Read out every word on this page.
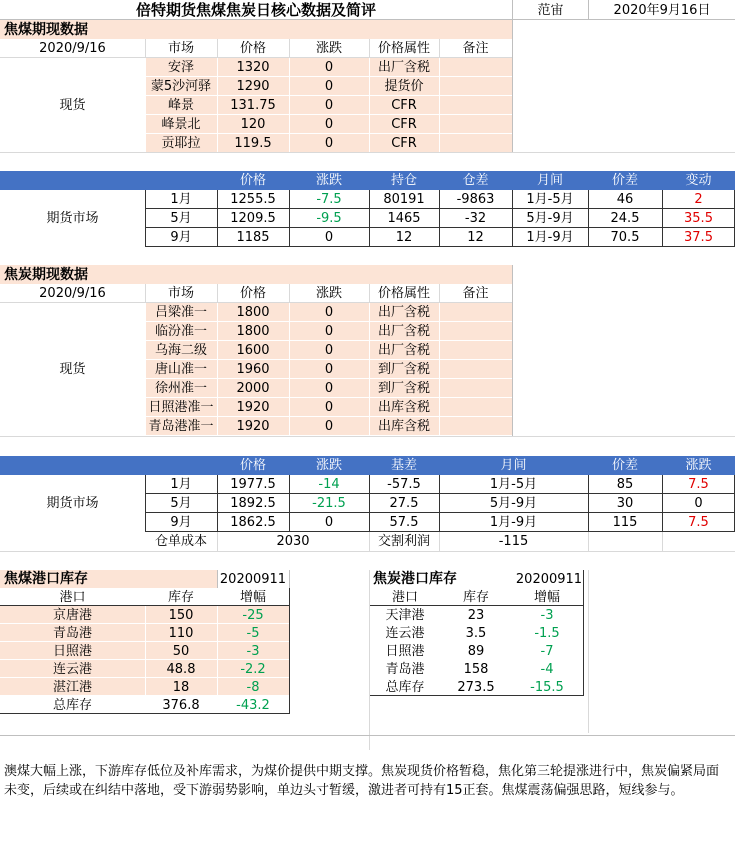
倍特期货焦煤焦炭日核心数据及简评	范宙	2020年9月16日
焦煤期现数据
2020/9/16	市场	价格	涨跌	价格属性	备注
安泽	1320	0	出厂含税
蒙5沙河驿	1290	0	提货价
峰景	131.75	0	CFR
峰景北	120	0	CFR
贡耶拉	119.5	0	CFR
现货
价格	涨跌	持仓	仓差	月间	价差	变动
1月	1255.5	-7.5	80191	-9863	1月-5月	46	2
5月	1209.5	-9.5	1465	-32	5月-9月	24.5	35.5
9月	1185	0	12	12	1月-9月	70.5	37.5
期货市场
焦炭期现数据
2020/9/16	市场	价格	涨跌	价格属性	备注
吕梁准一	1800	0	出厂含税
临汾准一	1800	0	出厂含税
乌海二级	1600	0	出厂含税
唐山准一	1960	0	到厂含税
徐州准一	2000	0	到厂含税
日照港准一	1920	0	出库含税
青岛港准一	1920	0	出库含税
现货
价格	涨跌	基差	月间	价差	涨跌
1月	1977.5	-14	-57.5	1月-5月	85	7.5
5月	1892.5	-21.5	27.5	5月-9月	30	0
9月	1862.5	0	57.5	1月-9月	115	7.5
期货市场
仓单成本	2030	交割利润	-115
焦煤港口库存	20200911
港口	库存	增幅
京唐港	150	-25
青岛港	110	-5
日照港	50	-3
连云港	48.8	-2.2
湛江港	18	-8
总库存	376.8	-43.2
焦炭港口库存	20200911
港口	库存	增幅
天津港	23	-3
连云港	3.5	-1.5
日照港	89	-7
青岛港	158	-4
总库存	273.5	-15.5
澳煤大幅上涨，下游库存低位及补库需求，为煤价提供中期支撑。焦炭现货价格暂稳，焦化第三轮提涨进行中，焦炭偏紧局面未变，后续或在纠结中落地，受下游弱势影响，单边头寸暂缓，激进者可持有15正套。焦煤震荡偏强思路，短线参与。
